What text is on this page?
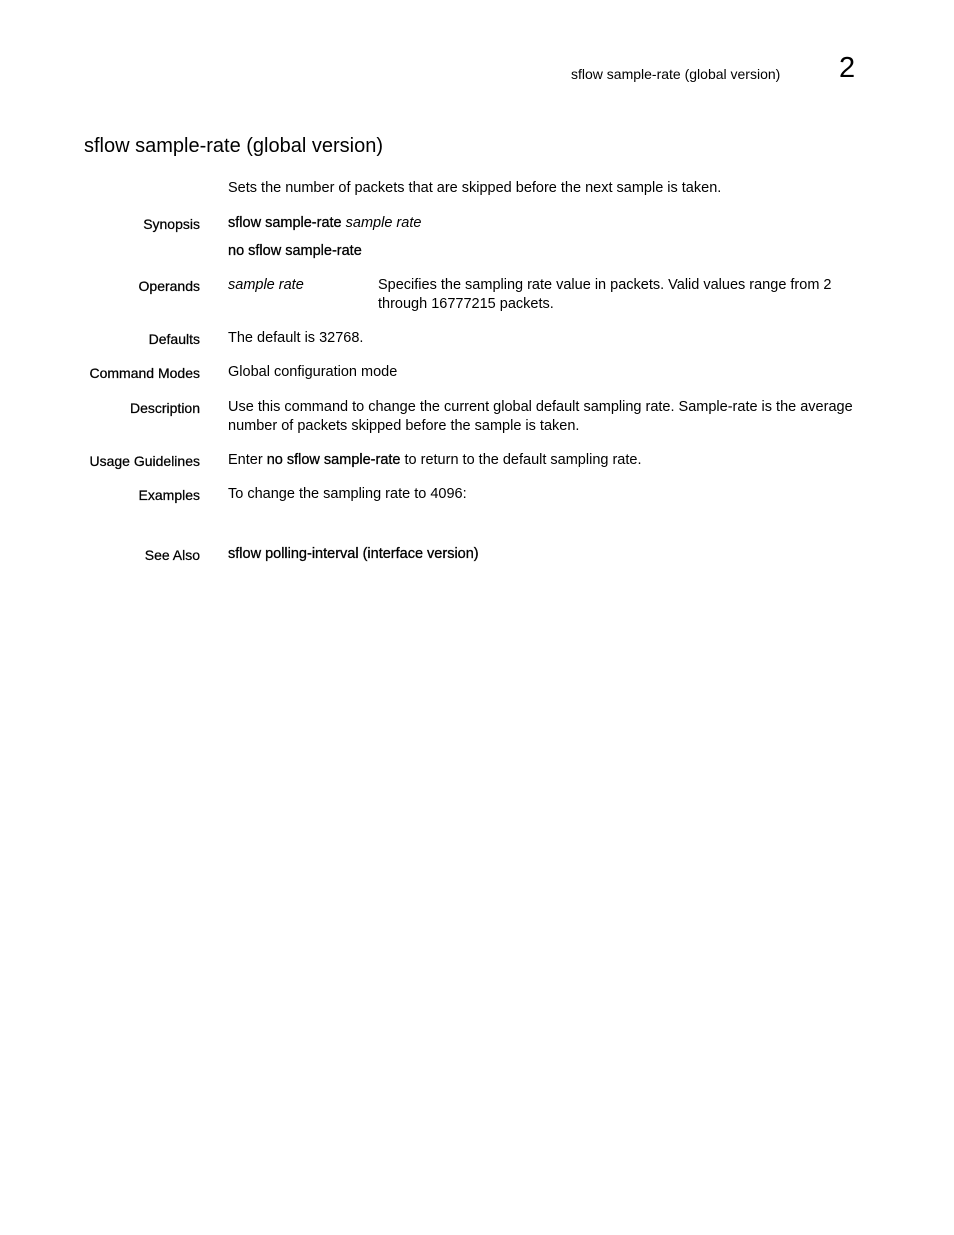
sflow sample-rate (global version) 2
sflow sample-rate (global version)
Sets the number of packets that are skipped before the next sample is taken.
Synopsis sflow sample-rate sample rate
no sflow sample-rate
Operands sample rate	Specifies the sampling rate value in packets. Valid values range from 2
through 16777215 packets.
Defaults The default is 32768.
Command Modes Global configuration mode
Description Use this command to change the current global default sampling rate. Sample-rate is the average
number of packets skipped before the sample is taken.
Usage Guidelines Enter no sflow sample-rate to return to the default sampling rate.
Examples To change the sampling rate to 4096:
See Also sflow polling-interval (interface version)
